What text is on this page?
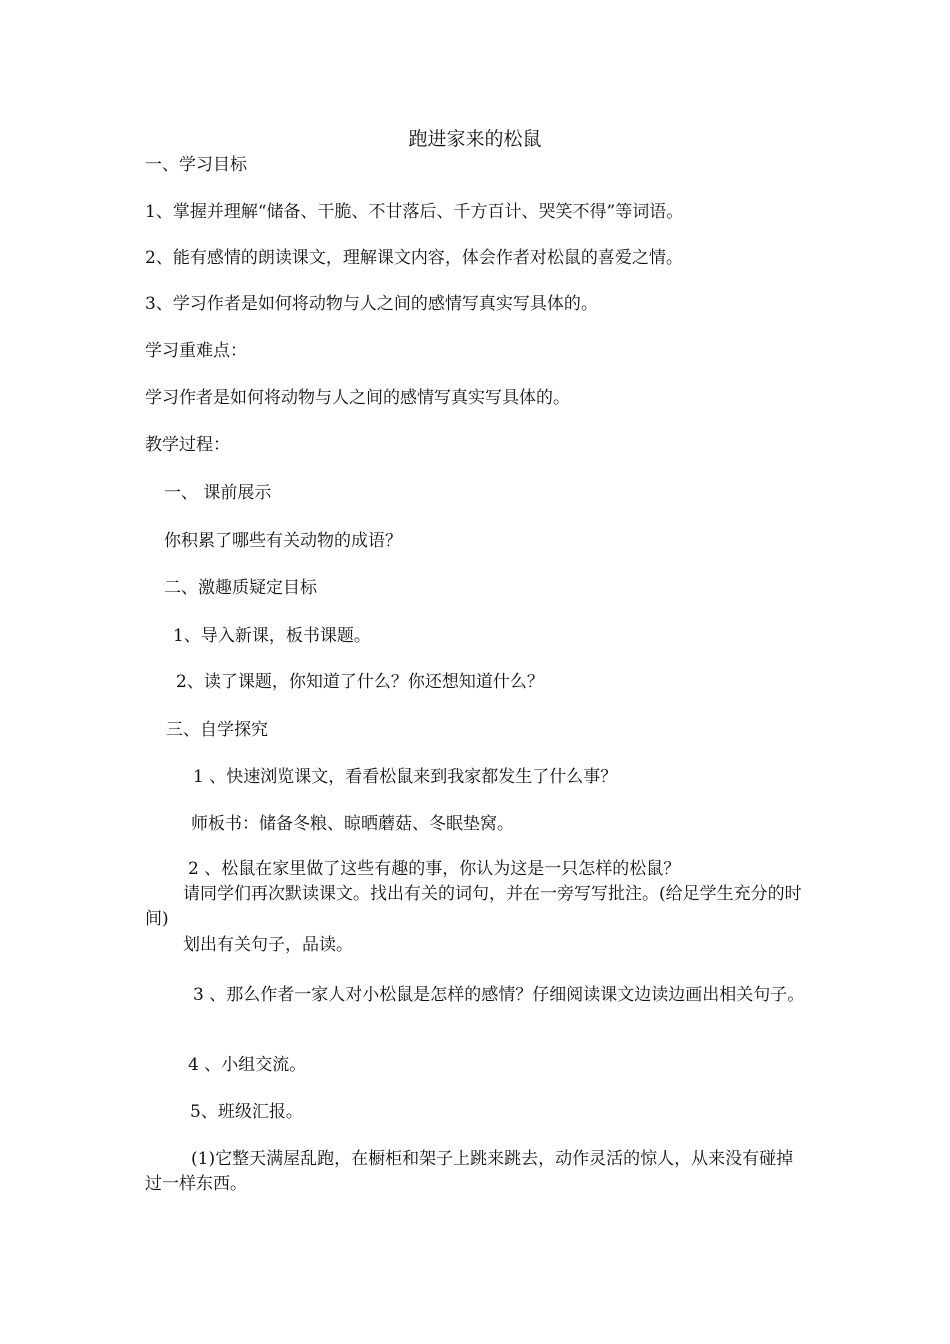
跑进家来的松鼠
一、学习目标
1、掌握并理解“储备、干脆、不甘落后、千方百计、哭笑不得”等词语。
2、能有感情的朗读课文，理解课文内容，体会作者对松鼠的喜爱之情。
3、学习作者是如何将动物与人之间的感情写真实写具体的。
学习重难点：
学习作者是如何将动物与人之间的感情写真实写具体的。
教学过程：
一、 课前展示
你积累了哪些有关动物的成语？
二、激趣质疑定目标
1、导入新课，板书课题。
2、读了课题，你知道了什么？你还想知道什么？
三、自学探究
1 、快速浏览课文，看看松鼠来到我家都发生了什么事？
师板书：储备冬粮、晾晒蘑菇、冬眠垫窝。
2 、松鼠在家里做了这些有趣的事，你认为这是一只怎样的松鼠？
请同学们再次默读课文。找出有关的词句，并在一旁写写批注。(给足学生充分的时间)
划出有关句子，品读。
3 、那么作者一家人对小松鼠是怎样的感情？仔细阅读课文边读边画出相关句子。
4 、小组交流。
5、班级汇报。
(1)它整天满屋乱跑，在橱柜和架子上跳来跳去，动作灵活的惊人，从来没有碰掉过一样东西。
